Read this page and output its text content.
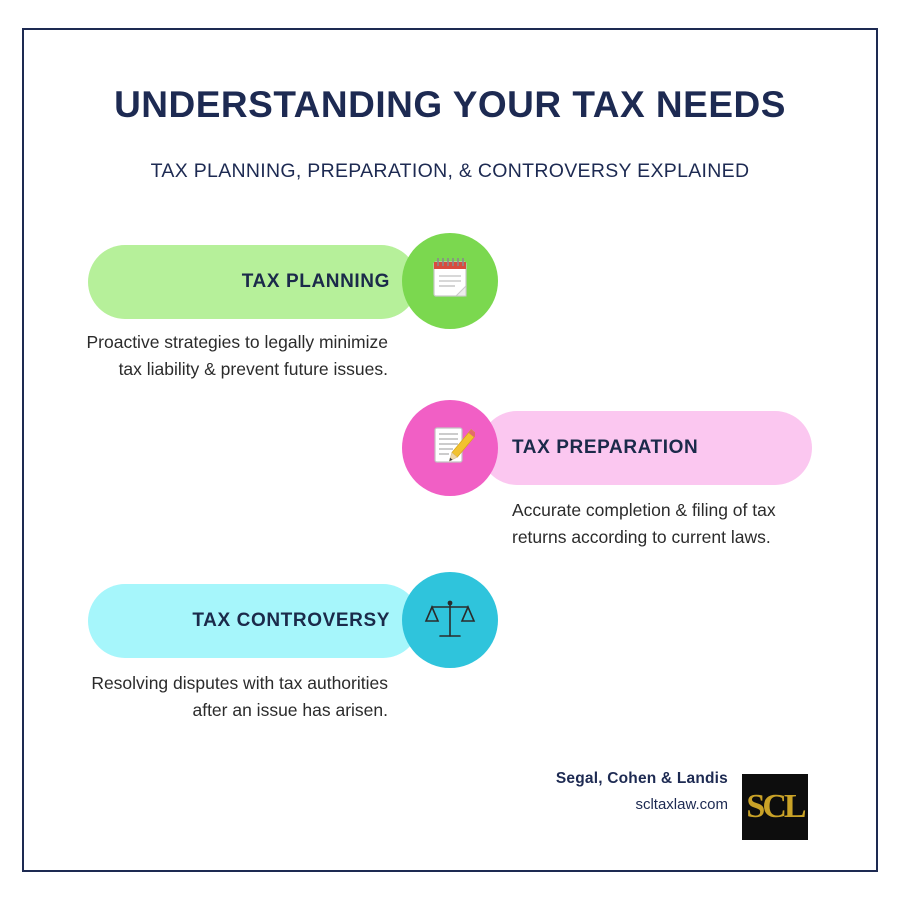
UNDERSTANDING YOUR TAX NEEDS
TAX PLANNING, PREPARATION, & CONTROVERSY EXPLAINED
TAX PLANNING
Proactive strategies to legally minimize tax liability & prevent future issues.
TAX PREPARATION
Accurate completion & filing of tax returns according to current laws.
TAX CONTROVERSY
Resolving disputes with tax authorities after an issue has arisen.
Segal, Cohen & Landis
scltaxlaw.com SCL
